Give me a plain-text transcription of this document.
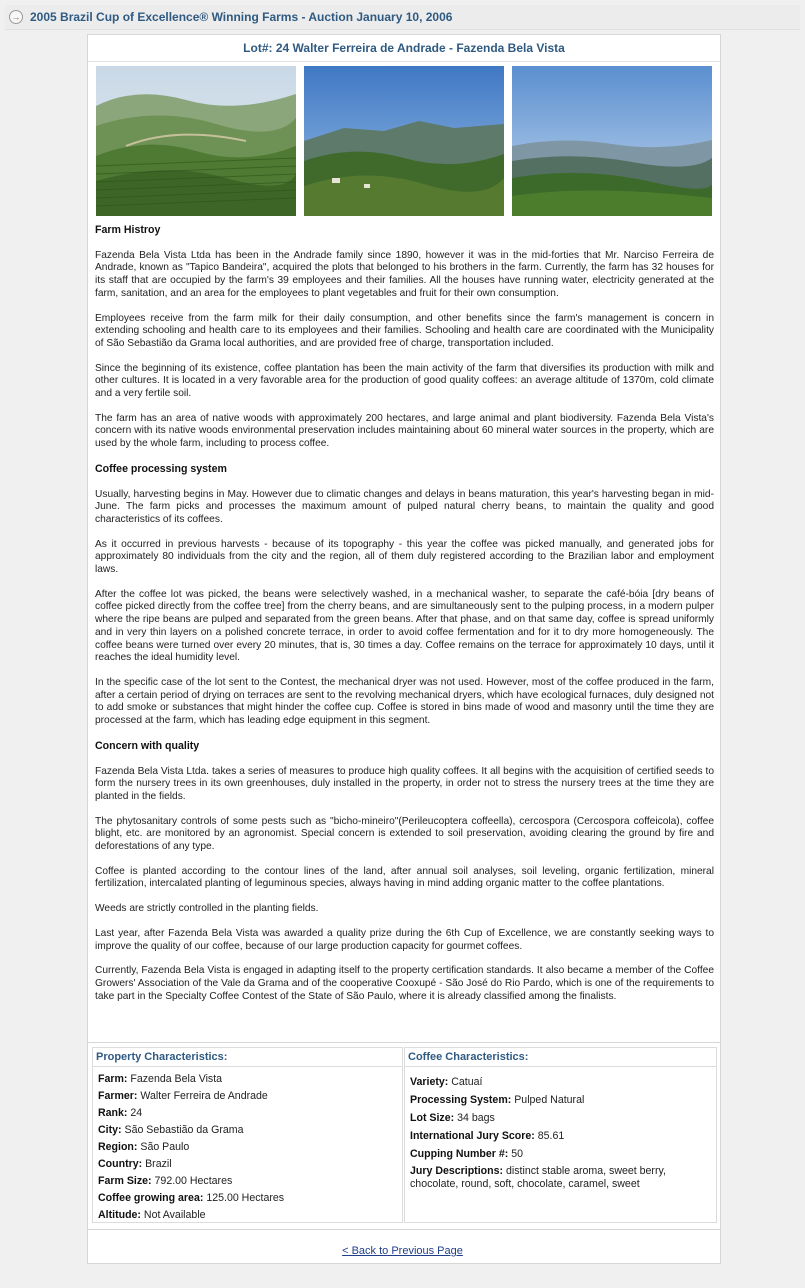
→ 2005 Brazil Cup of Excellence® Winning Farms - Auction January 10, 2006
Lot#: 24 Walter Ferreira de Andrade - Fazenda Bela Vista
Farm Histroy

Fazenda Bela Vista Ltda has been in the Andrade family since 1890, however it was in the mid-forties that Mr. Narciso Ferreira de Andrade, known as "Tapico Bandeira", acquired the plots that belonged to his brothers in the farm. Currently, the farm has 32 houses for its staff that are occupied by the farm's 39 employees and their families. All the houses have running water, electricity generated at the farm, sanitation, and an area for the employees to plant vegetables and fruit for their own consumption.

Employees receive from the farm milk for their daily consumption, and other benefits since the farm's management is concern in extending schooling and health care to its employees and their families. Schooling and health care are coordinated with the Municipality of São Sebastião da Grama local authorities, and are provided free of charge, transportation included.

Since the beginning of its existence, coffee plantation has been the main activity of the farm that diversifies its production with milk and other cultures. It is located in a very favorable area for the production of good quality coffees: an average altitude of 1370m, cold climate and a very fertile soil.

The farm has an area of native woods with approximately 200 hectares, and large animal and plant biodiversity. Fazenda Bela Vista's concern with its native woods environmental preservation includes maintaining about 60 mineral water sources in the property, which are used by the whole farm, including to process coffee.

Coffee processing system

Usually, harvesting begins in May. However due to climatic changes and delays in beans maturation, this year's harvesting began in mid-June. The farm picks and processes the maximum amount of pulped natural cherry beans, to maintain the quality and good characteristics of its coffees.

As it occurred in previous harvests - because of its topography - this year the coffee was picked manually, and generated jobs for approximately 80 individuals from the city and the region, all of them duly registered according to the Brazilian labor and employment laws.

After the coffee lot was picked, the beans were selectively washed, in a mechanical washer, to separate the café-bóia [dry beans of coffee picked directly from the coffee tree] from the cherry beans, and are simultaneously sent to the pulping process, in a modern pulper where the ripe beans are pulped and separated from the green beans. After that phase, and on that same day, coffee is spread uniformly and in very thin layers on a polished concrete terrace, in order to avoid coffee fermentation and for it to dry more homogeneously. The coffee beans were turned over every 20 minutes, that is, 30 times a day. Coffee remains on the terrace for approximately 10 days, until it reaches the ideal humidity level.

In the specific case of the lot sent to the Contest, the mechanical dryer was not used. However, most of the coffee produced in the farm, after a certain period of drying on terraces are sent to the revolving mechanical dryers, which have ecological furnaces, duly designed not to add smoke or substances that might hinder the coffee cup. Coffee is stored in bins made of wood and masonry until the time they are processed at the farm, which has leading edge equipment in this segment.

Concern with quality

Fazenda Bela Vista Ltda. takes a series of measures to produce high quality coffees. It all begins with the acquisition of certified seeds to form the nursery trees in its own greenhouses, duly installed in the property, in order not to stress the nursery trees at the time they are planted in the fields.

The phytosanitary controls of some pests such as "bicho-mineiro"(Perileucoptera coffeella), cercospora (Cercospora coffeicola), coffee blight, etc. are monitored by an agronomist. Special concern is extended to soil preservation, avoiding clearing the ground by fire and deforestations of any type.

Coffee is planted according to the contour lines of the land, after annual soil analyses, soil leveling, organic fertilization, mineral fertilization, intercalated planting of leguminous species, always having in mind adding organic matter to the coffee plantations.

Weeds are strictly controlled in the planting fields.

Last year, after Fazenda Bela Vista was awarded a quality prize during the 6th Cup of Excellence, we are constantly seeking ways to improve the quality of our coffee, because of our large production capacity for gourmet coffees.

Currently, Fazenda Bela Vista is engaged in adapting itself to the property certification standards. It also became a member of the Coffee Growers' Association of the Vale da Grama and of the cooperative Cooxupé - São José do Rio Pardo, which is one of the requirements to take part in the Specialty Coffee Contest of the State of São Paulo, where it is already classified among the finalists.

Property Characteristics:
Farm: Fazenda Bela Vista
Farmer: Walter Ferreira de Andrade
Rank: 24
City: São Sebastião da Grama
Region: São Paulo
Country: Brazil
Farm Size: 792.00 Hectares
Coffee growing area: 125.00 Hectares
Altitude: Not Available
Coffee Characteristics:
Variety: Catuaí
Processing System: Pulped Natural
Lot Size: 34 bags
International Jury Score: 85.61
Cupping Number #: 50
Jury Descriptions: distinct stable aroma, sweet berry, chocolate, round, soft, chocolate, caramel, sweet
< Back to Previous Page
